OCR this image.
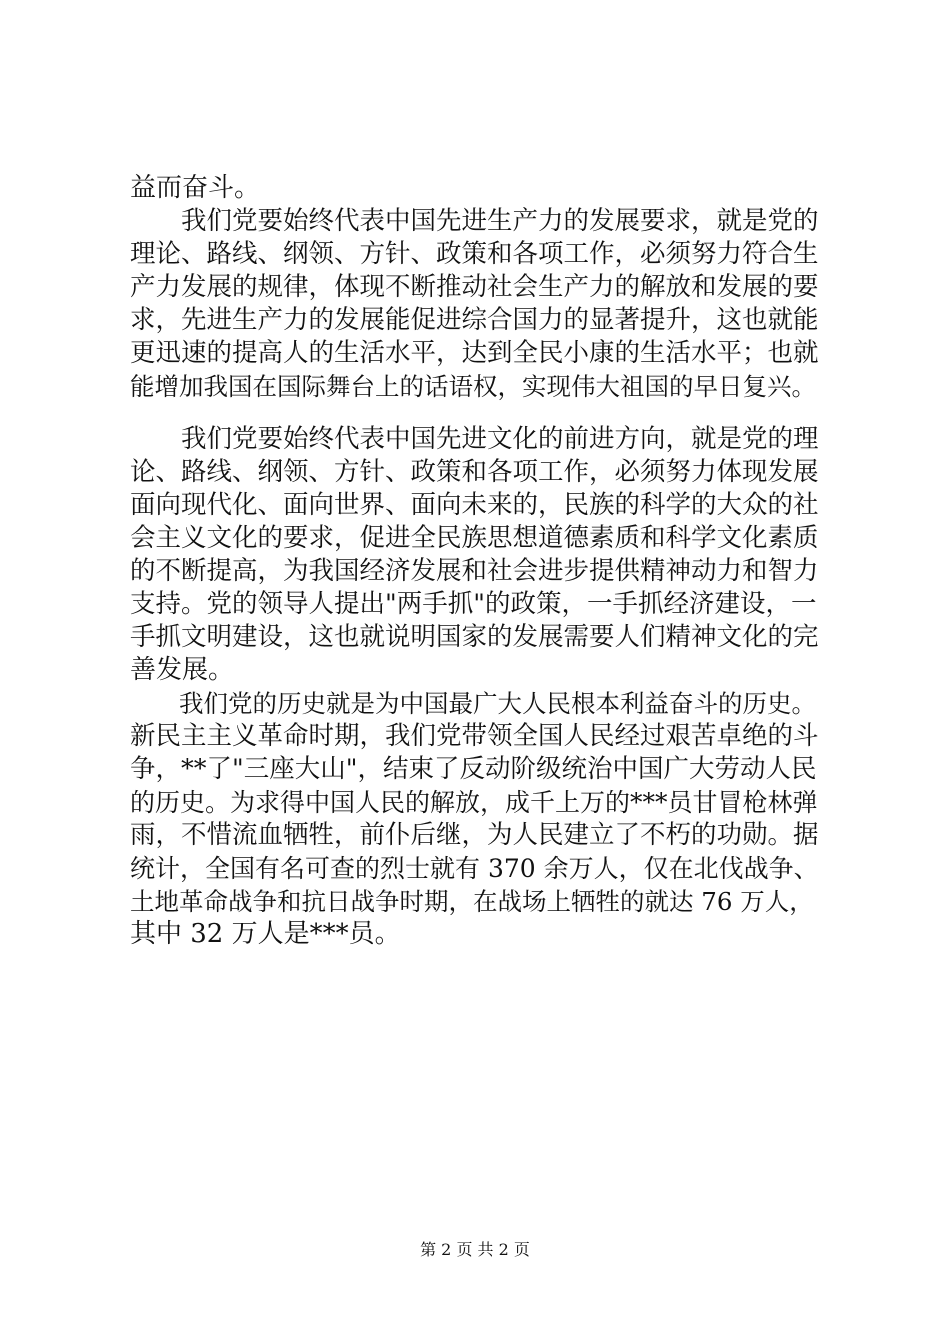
益而奋斗。
　　我们党要始终代表中国先进生产力的发展要求，就是党的
理论、路线、纲领、方针、政策和各项工作，必须努力符合生
产力发展的规律，体现不断推动社会生产力的解放和发展的要
求，先进生产力的发展能促进综合国力的显著提升，这也就能
更迅速的提高人的生活水平，达到全民小康的生活水平；也就
能增加我国在国际舞台上的话语权，实现伟大祖国的早日复兴。
　　我们党要始终代表中国先进文化的前进方向，就是党的理
论、路线、纲领、方针、政策和各项工作，必须努力体现发展
面向现代化、面向世界、面向未来的，民族的科学的大众的社
会主义文化的要求，促进全民族思想道德素质和科学文化素质
的不断提高，为我国经济发展和社会进步提供精神动力和智力
支持。党的领导人提出"两手抓"的政策，一手抓经济建设，一
手抓文明建设，这也就说明国家的发展需要人们精神文化的完
善发展。
　　我们党的历史就是为中国最广大人民根本利益奋斗的历史。
新民主主义革命时期，我们党带领全国人民经过艰苦卓绝的斗
争，**了"三座大山"，结束了反动阶级统治中国广大劳动人民
的历史。为求得中国人民的解放，成千上万的***员甘冒枪林弹
雨，不惜流血牺牲，前仆后继，为人民建立了不朽的功勋。据
统计，全国有名可查的烈士就有 370 余万人，仅在北伐战争、
土地革命战争和抗日战争时期，在战场上牺牲的就达 76 万人，
其中 32 万人是***员。
第 2 页 共 2 页
